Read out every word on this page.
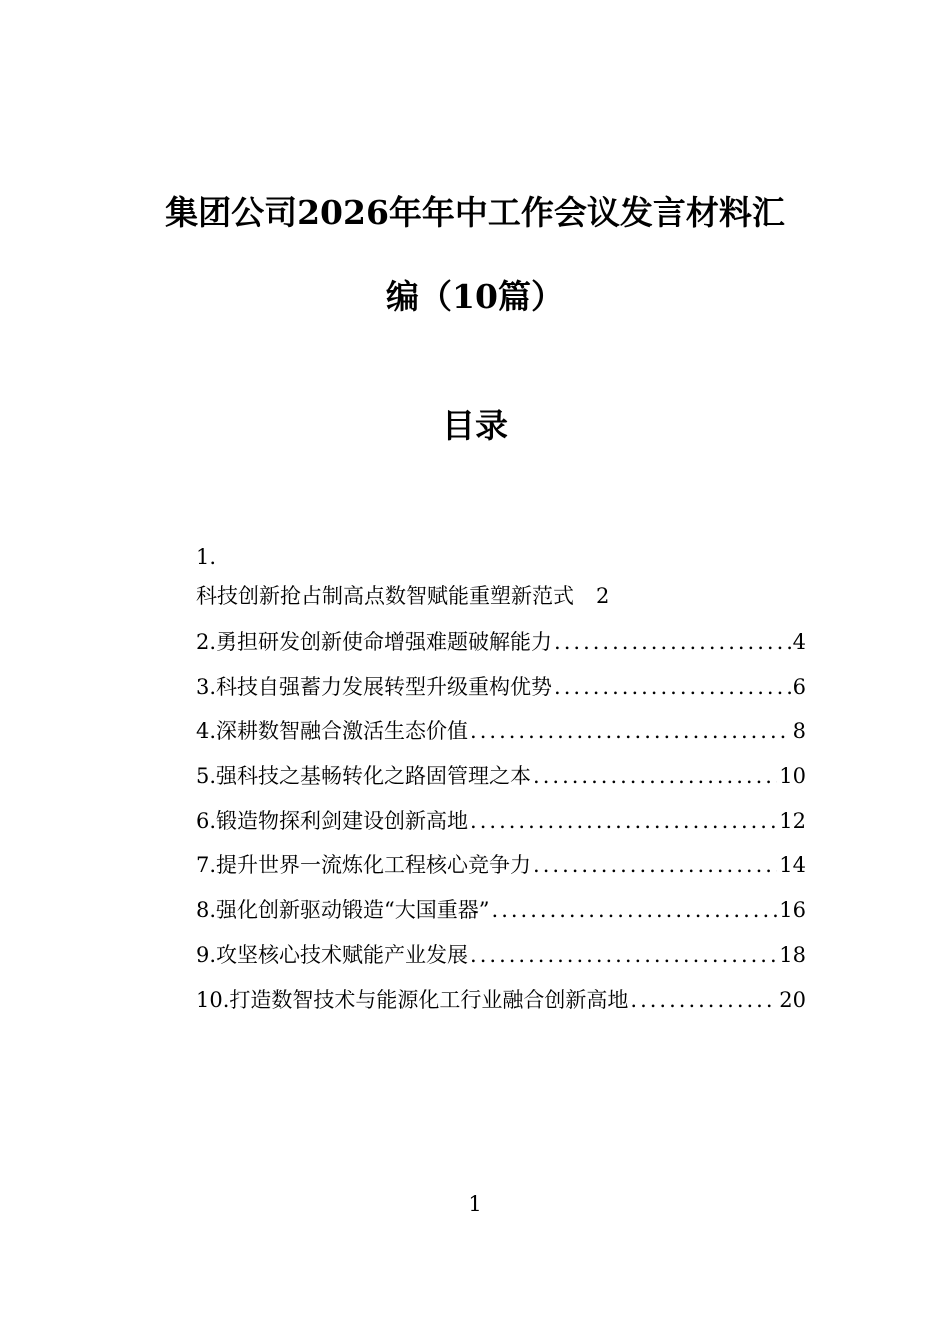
集团公司2026年年中工作会议发言材料汇
编（10篇）
目录
1.
科技创新抢占制高点数智赋能重塑新范式 2
2. 勇担研发创新使命增强难题破解能力 .....	4
3. 科技自强蓄力发展转型升级重构优势 .....	6
4. 深耕数智融合激活生态价值 .....	8
5. 强科技之基畅转化之路固管理之本 .....	10
6. 锻造物探利剑建设创新高地 .....	12
7. 提升世界一流炼化工程核心竞争力 .....	14
8. 强化创新驱动锻造“大国重器” .....	16
9. 攻坚核心技术赋能产业发展 .....	18
10. 打造数智技术与能源化工行业融合创新高地 .....	20
1
